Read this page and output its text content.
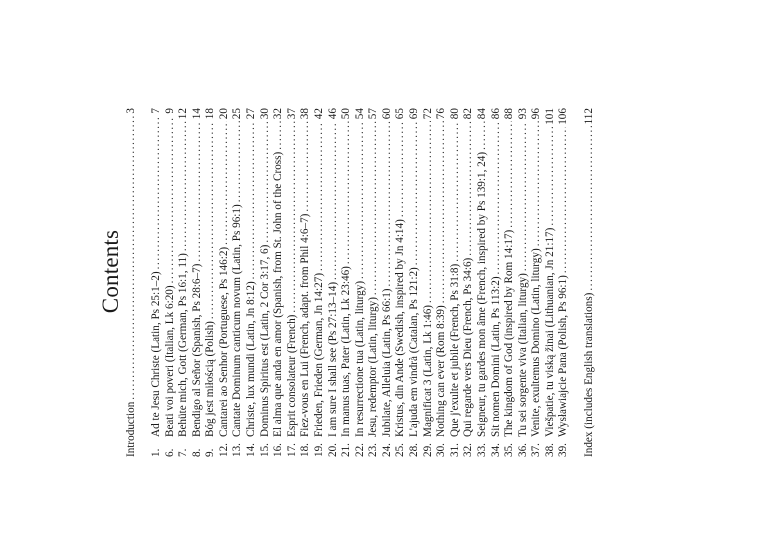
Contents
Introduction
. . .
3
1.
Ad te Jesu Christe (Latin, Ps 25:1–2)
. . .
7
6.
Beati voi poveri (Italian, Lk 6:20)
. . .
9
7.
Behüte mich, Gott (German, Ps 16:1, 11)
. . .
12
8.
Bendigo al Señor (Spanish, Ps 28:6–7)
. . .
14
9.
Bóg jest miłością (Polish)
. . .
18
12.
Cantarei ao Senhor (Portuguese, Ps 146:2)
. . .
20
13.
Cantate Dominum canticum novum (Latin, Ps 96:1)
. . .
25
14.
Christe, lux mundi (Latin, Jn 8:12)
. . .
27
15.
Dominus Spiritus est (Latin, 2 Cor 3:17, 6)
. . .
30
16.
El alma que anda en amor (Spanish, from St. John of the Cross)
. . .
32
17.
Esprit consolateur (French)
. . .
37
18.
Fiez-vous en Lui (French, adapt. from Phil 4:6–7)
. . .
38
19.
Frieden, Frieden (German, Jn 14:27)
. . .
42
20.
I am sure I shall see (Ps 27:13–14)
. . .
46
21.
In manus tuas, Pater (Latin, Lk 23:46)
. . .
50
22.
In resurrectione tua (Latin, liturgy)
. . .
54
23.
Jesu, redemptor (Latin, liturgy)
. . .
57
24.
Jubilate, Alleluia (Latin, Ps 66:1)
. . .
60
25.
Kristus, din Ande (Swedish, inspired by Jn 4:14)
. . .
65
28.
L'ajuda em vindrà (Catalan, Ps 121:2)
. . .
69
29.
Magnificat 3 (Latin, Lk 1:46)
. . .
72
30.
Nothing can ever (Rom 8:39)
. . .
76
31.
Que j'exulte et jubile (French, Ps 31:8)
. . .
80
32.
Qui regarde vers Dieu (French, Ps 34:6)
. . .
82
33.
Seigneur, tu gardes mon âme (French, inspired by Ps 139:1, 24)
. . .
84
34.
Sit nomen Domini (Latin, Ps 113:2)
. . .
86
35.
The kingdom of God (inspired by Rom 14:17)
. . .
88
36.
Tu sei sorgente viva (Italian, liturgy)
. . .
93
37.
Venite, exultemus Domino (Latin, liturgy)
. . .
96
38.
Viešpatie, tu viską žinai (Lithuanian, Jn 21:17)
. . .
101
39.
Wysławiajcie Pana (Polish, Ps 96:1)
. . .
106
Index (includes English translations)
. . .
112
